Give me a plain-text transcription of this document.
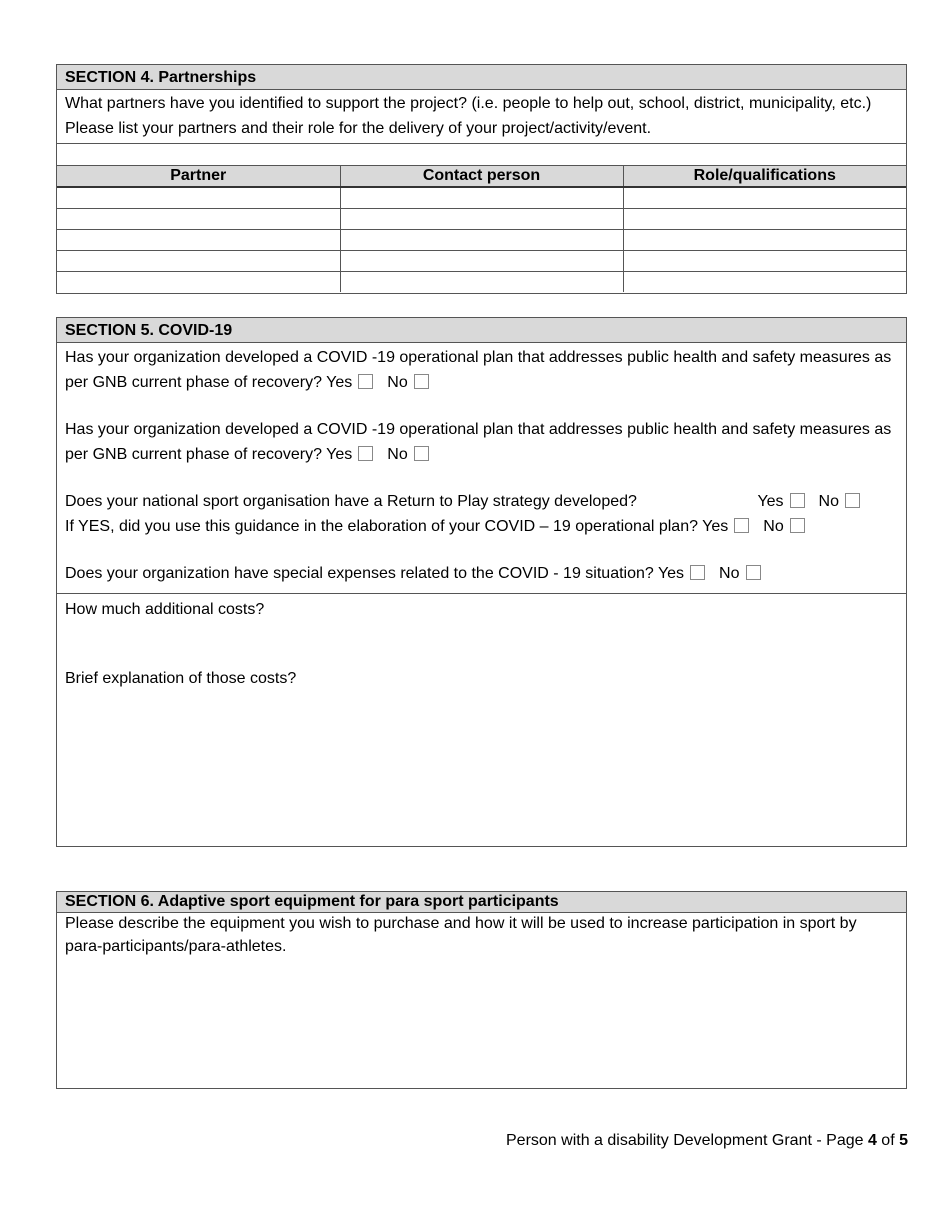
SECTION 4. Partnerships
What partners have you identified to support the project? (i.e. people to help out, school, district, municipality, etc.) Please list your partners and their role for the delivery of your project/activity/event.
Partner	Contact person	Role/qualifications

SECTION 5. COVID-19
Has your organization developed a COVID -19 operational plan that addresses public health and safety measures as per GNB current phase of recovery? Yes No
Has your organization developed a COVID -19 operational plan that addresses public health and safety measures as per GNB current phase of recovery? Yes No
Does your national sport organisation have a Return to Play strategy developed?	Yes No
If YES, did you use this guidance in the elaboration of your COVID – 19 operational plan? Yes No
Does your organization have special expenses related to the COVID - 19 situation? Yes No
How much additional costs?
Brief explanation of those costs?
SECTION 6. Adaptive sport equipment for para sport participants
Please describe the equipment you wish to purchase and how it will be used to increase participation in sport by para-participants/para-athletes.
Person with a disability Development Grant - Page 4 of 5
